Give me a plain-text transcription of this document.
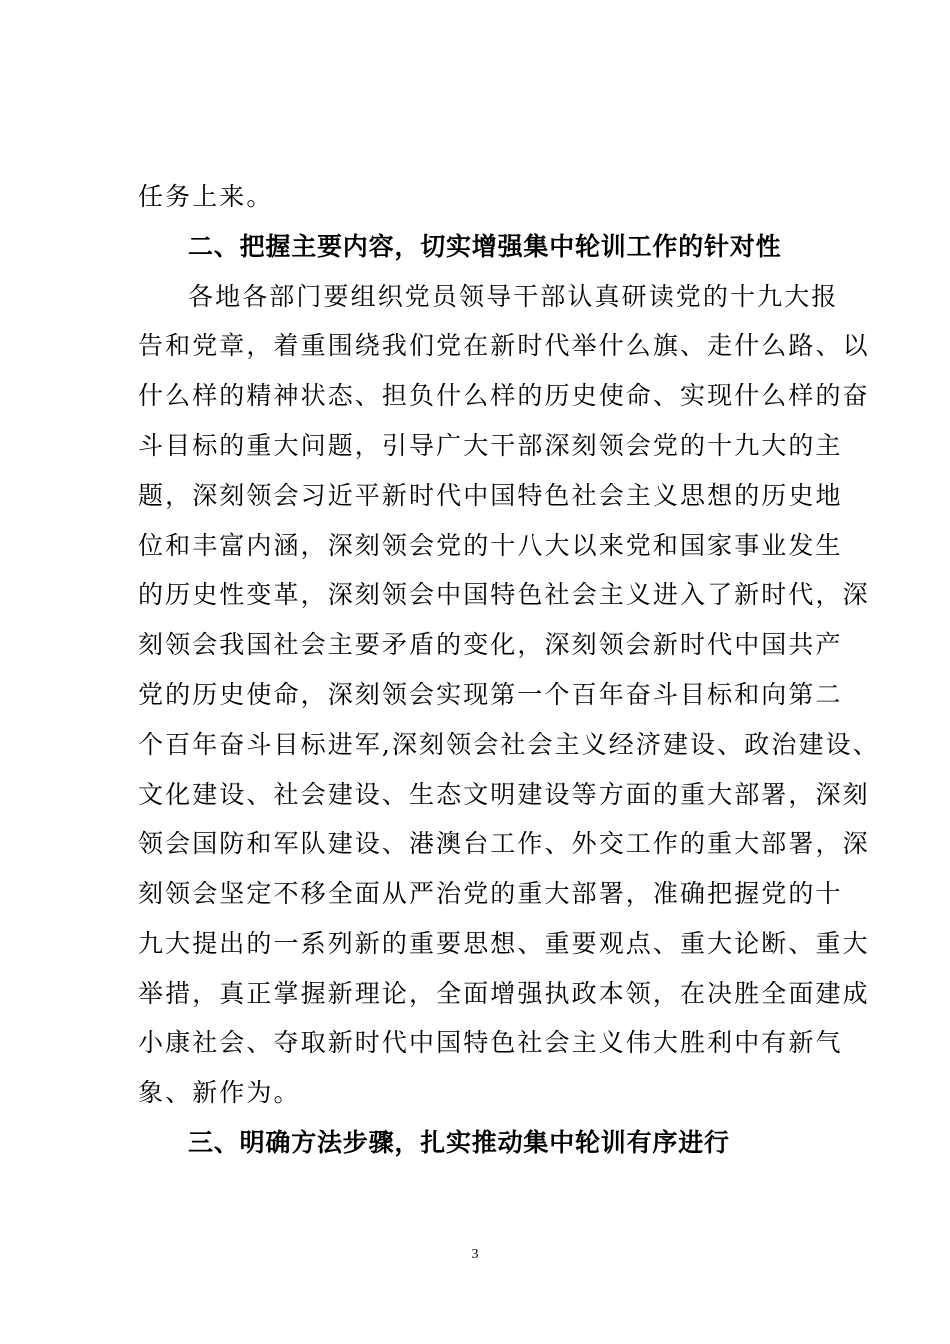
任务上来。
二、把握主要内容，切实增强集中轮训工作的针对性
各地各部门要组织党员领导干部认真研读党的十九大报
告和党章，着重围绕我们党在新时代举什么旗、走什么路、以
什么样的精神状态、担负什么样的历史使命、实现什么样的奋
斗目标的重大问题，引导广大干部深刻领会党的十九大的主
题，深刻领会习近平新时代中国特色社会主义思想的历史地
位和丰富内涵，深刻领会党的十八大以来党和国家事业发生
的历史性变革，深刻领会中国特色社会主义进入了新时代，深
刻领会我国社会主要矛盾的变化，深刻领会新时代中国共产
党的历史使命，深刻领会实现第一个百年奋斗目标和向第二
个百年奋斗目标进军,深刻领会社会主义经济建设、政治建设、
文化建设、社会建设、生态文明建设等方面的重大部署，深刻
领会国防和军队建设、港澳台工作、外交工作的重大部署，深
刻领会坚定不移全面从严治党的重大部署，准确把握党的十
九大提出的一系列新的重要思想、重要观点、重大论断、重大
举措，真正掌握新理论，全面增强执政本领，在决胜全面建成
小康社会、夺取新时代中国特色社会主义伟大胜利中有新气
象、新作为。
三、明确方法步骤，扎实推动集中轮训有序进行
3
